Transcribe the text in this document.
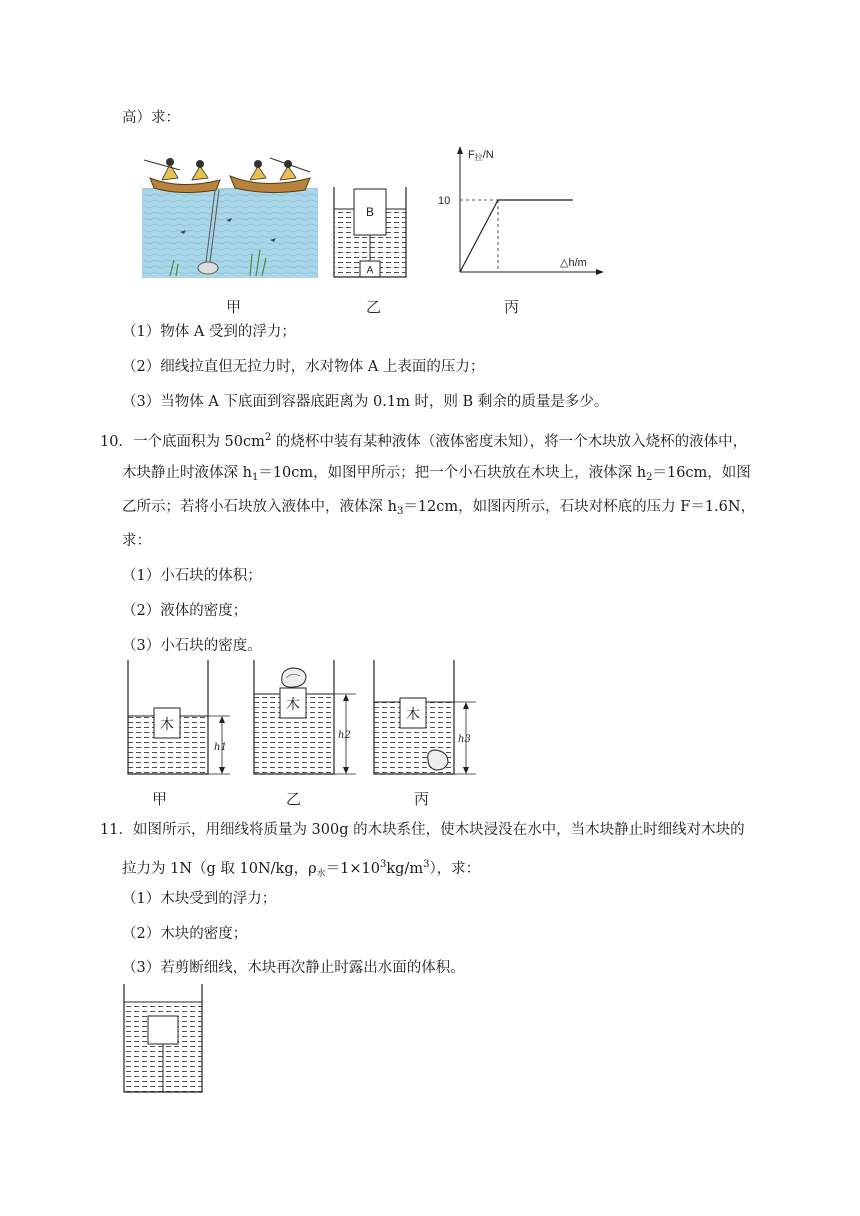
高）求：
甲
B
A
乙
F拉/N
10
△h/m
丙
（1）物体 A 受到的浮力；
（2）细线拉直但无拉力时，水对物体 A 上表面的压力；
（3）当物体 A 下底面到容器底距离为 0.1m 时，则 B 剩余的质量是多少。
10．一个底面积为 $50cm^2$ 的烧杯中装有某种液体（液体密度未知），将一个木块放入烧杯的液体中，
木块静止时液体深 $h_1=10cm$，如图甲所示；把一个小石块放在木块上，液体深 $h_2=16cm$，如图
乙所示；若将小石块放入液体中，液体深 $h_3=12cm$，如图丙所示，石块对杯底的压力 F＝1.6N，
求：
（1）小石块的体积；
（2）液体的密度；
（3）小石块的密度。
木
h1
甲
木
h2
乙
木
h3
丙
11．如图所示，用细线将质量为 300g 的木块系住，使木块浸没在水中，当木块静止时细线对木块的
拉力为 1N（g 取 10N/kg，$\rho_水=1\times 10^3kg/m^3$），求：
（1）木块受到的浮力；
（2）木块的密度；
（3）若剪断细线，木块再次静止时露出水面的体积。
